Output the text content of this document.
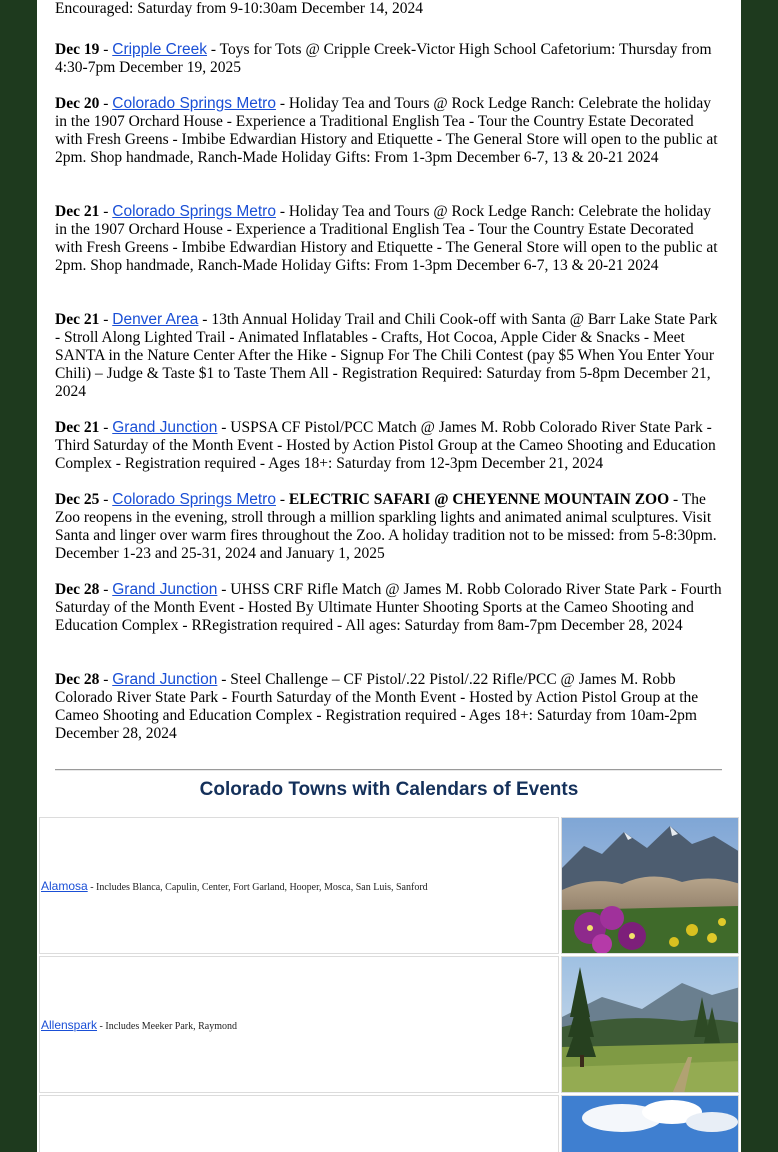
Encouraged: Saturday from 9-10:30am December 14, 2024
Dec 19 - Cripple Creek - Toys for Tots @ Cripple Creek-Victor High School Cafetorium: Thursday from 4:30-7pm December 19, 2025
Dec 20 - Colorado Springs Metro - Holiday Tea and Tours @ Rock Ledge Ranch: Celebrate the holiday in the 1907 Orchard House - Experience a Traditional English Tea - Tour the Country Estate Decorated with Fresh Greens - Imbibe Edwardian History and Etiquette - The General Store will open to the public at 2pm. Shop handmade, Ranch-Made Holiday Gifts: From 1-3pm December 6-7, 13 & 20-21 2024
Dec 21 - Colorado Springs Metro - Holiday Tea and Tours @ Rock Ledge Ranch: Celebrate the holiday in the 1907 Orchard House - Experience a Traditional English Tea - Tour the Country Estate Decorated with Fresh Greens - Imbibe Edwardian History and Etiquette - The General Store will open to the public at 2pm. Shop handmade, Ranch-Made Holiday Gifts: From 1-3pm December 6-7, 13 & 20-21 2024
Dec 21 - Denver Area - 13th Annual Holiday Trail and Chili Cook-off with Santa @ Barr Lake State Park - Stroll Along Lighted Trail - Animated Inflatables - Crafts, Hot Cocoa, Apple Cider & Snacks - Meet SANTA in the Nature Center After the Hike - Signup For The Chili Contest (pay $5 When You Enter Your Chili) – Judge & Taste $1 to Taste Them All - Registration Required: Saturday from 5-8pm December 21, 2024
Dec 21 - Grand Junction - USPSA CF Pistol/PCC Match @ James M. Robb Colorado River State Park - Third Saturday of the Month Event - Hosted by Action Pistol Group at the Cameo Shooting and Education Complex - Registration required - Ages 18+: Saturday from 12-3pm December 21, 2024
Dec 25 - Colorado Springs Metro - ELECTRIC SAFARI @ CHEYENNE MOUNTAIN ZOO - The Zoo reopens in the evening, stroll through a million sparkling lights and animated animal sculptures. Visit Santa and linger over warm fires throughout the Zoo. A holiday tradition not to be missed: from 5-8:30pm. December 1-23 and 25-31, 2024 and January 1, 2025
Dec 28 - Grand Junction - UHSS CRF Rifle Match @ James M. Robb Colorado River State Park - Fourth Saturday of the Month Event - Hosted By Ultimate Hunter Shooting Sports at the Cameo Shooting and Education Complex - RRegistration required - All ages: Saturday from 8am-7pm December 28, 2024
Dec 28 - Grand Junction - Steel Challenge – CF Pistol/.22 Pistol/.22 Rifle/PCC @ James M. Robb Colorado River State Park - Fourth Saturday of the Month Event - Hosted by Action Pistol Group at the Cameo Shooting and Education Complex - Registration required - Ages 18+: Saturday from 10am-2pm December 28, 2024
Colorado Towns with Calendars of Events
Alamosa - Includes Blanca, Capulin, Center, Fort Garland, Hooper, Mosca, San Luis, Sanford
Allenspark - Includes Meeker Park, Raymond
